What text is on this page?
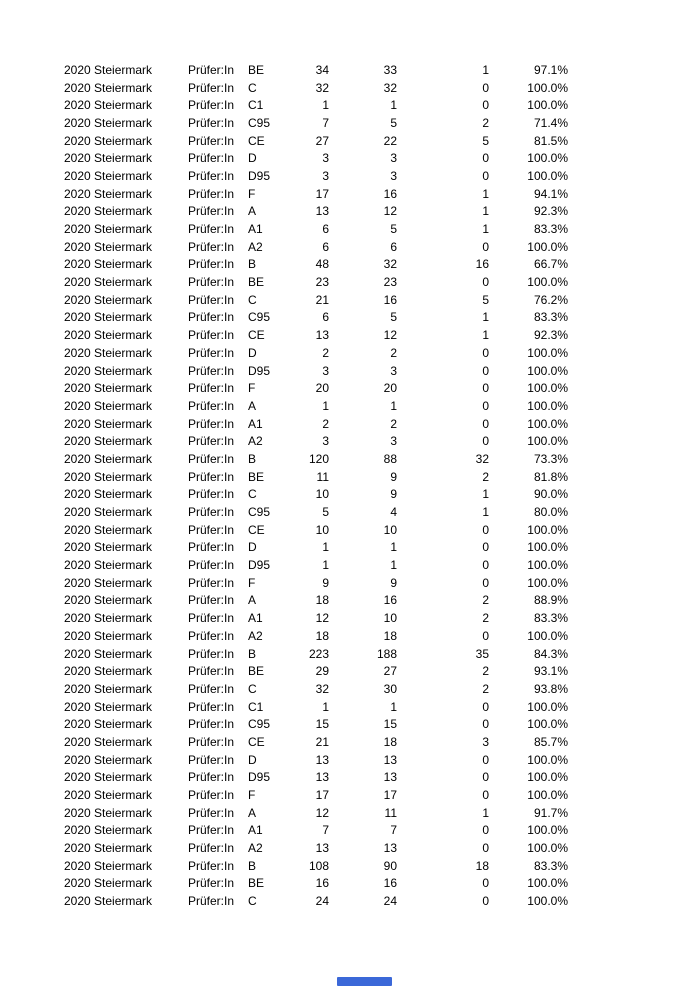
2020 Steiermark	Prüfer:In	BE	34	33	1	97.1%
2020 Steiermark	Prüfer:In	C	32	32	0	100.0%
2020 Steiermark	Prüfer:In	C1	1	1	0	100.0%
2020 Steiermark	Prüfer:In	C95	7	5	2	71.4%
2020 Steiermark	Prüfer:In	CE	27	22	5	81.5%
2020 Steiermark	Prüfer:In	D	3	3	0	100.0%
2020 Steiermark	Prüfer:In	D95	3	3	0	100.0%
2020 Steiermark	Prüfer:In	F	17	16	1	94.1%
2020 Steiermark	Prüfer:In	A	13	12	1	92.3%
2020 Steiermark	Prüfer:In	A1	6	5	1	83.3%
2020 Steiermark	Prüfer:In	A2	6	6	0	100.0%
2020 Steiermark	Prüfer:In	B	48	32	16	66.7%
2020 Steiermark	Prüfer:In	BE	23	23	0	100.0%
2020 Steiermark	Prüfer:In	C	21	16	5	76.2%
2020 Steiermark	Prüfer:In	C95	6	5	1	83.3%
2020 Steiermark	Prüfer:In	CE	13	12	1	92.3%
2020 Steiermark	Prüfer:In	D	2	2	0	100.0%
2020 Steiermark	Prüfer:In	D95	3	3	0	100.0%
2020 Steiermark	Prüfer:In	F	20	20	0	100.0%
2020 Steiermark	Prüfer:In	A	1	1	0	100.0%
2020 Steiermark	Prüfer:In	A1	2	2	0	100.0%
2020 Steiermark	Prüfer:In	A2	3	3	0	100.0%
2020 Steiermark	Prüfer:In	B	120	88	32	73.3%
2020 Steiermark	Prüfer:In	BE	11	9	2	81.8%
2020 Steiermark	Prüfer:In	C	10	9	1	90.0%
2020 Steiermark	Prüfer:In	C95	5	4	1	80.0%
2020 Steiermark	Prüfer:In	CE	10	10	0	100.0%
2020 Steiermark	Prüfer:In	D	1	1	0	100.0%
2020 Steiermark	Prüfer:In	D95	1	1	0	100.0%
2020 Steiermark	Prüfer:In	F	9	9	0	100.0%
2020 Steiermark	Prüfer:In	A	18	16	2	88.9%
2020 Steiermark	Prüfer:In	A1	12	10	2	83.3%
2020 Steiermark	Prüfer:In	A2	18	18	0	100.0%
2020 Steiermark	Prüfer:In	B	223	188	35	84.3%
2020 Steiermark	Prüfer:In	BE	29	27	2	93.1%
2020 Steiermark	Prüfer:In	C	32	30	2	93.8%
2020 Steiermark	Prüfer:In	C1	1	1	0	100.0%
2020 Steiermark	Prüfer:In	C95	15	15	0	100.0%
2020 Steiermark	Prüfer:In	CE	21	18	3	85.7%
2020 Steiermark	Prüfer:In	D	13	13	0	100.0%
2020 Steiermark	Prüfer:In	D95	13	13	0	100.0%
2020 Steiermark	Prüfer:In	F	17	17	0	100.0%
2020 Steiermark	Prüfer:In	A	12	11	1	91.7%
2020 Steiermark	Prüfer:In	A1	7	7	0	100.0%
2020 Steiermark	Prüfer:In	A2	13	13	0	100.0%
2020 Steiermark	Prüfer:In	B	108	90	18	83.3%
2020 Steiermark	Prüfer:In	BE	16	16	0	100.0%
2020 Steiermark	Prüfer:In	C	24	24	0	100.0%
